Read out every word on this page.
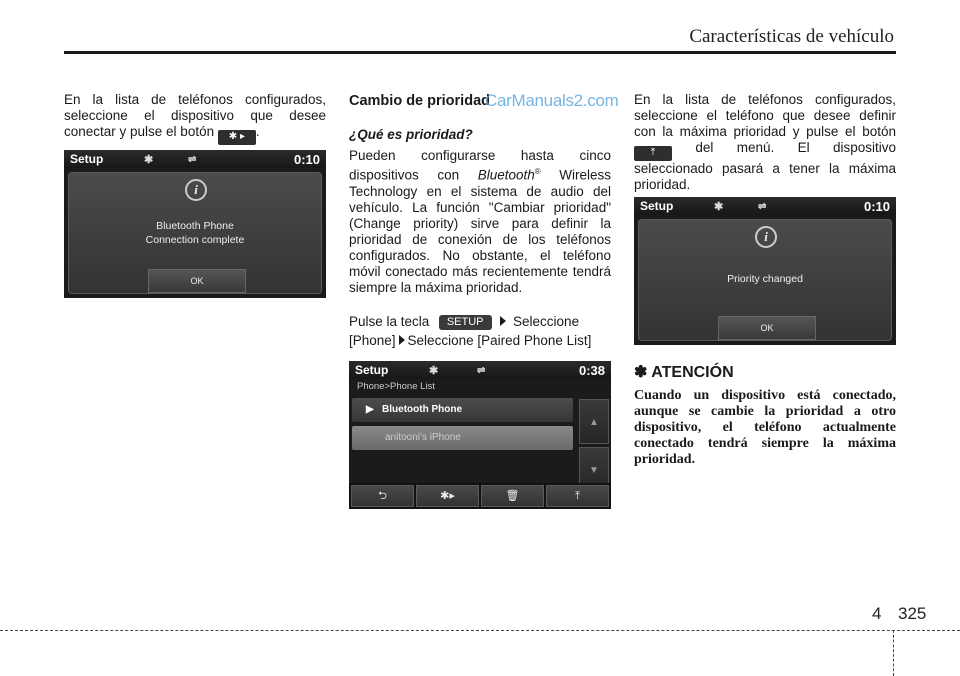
Características de vehículo

En la lista de teléfonos configurados, seleccione el dispositivo que desee conectar y pulse el botón ✱ ▸ .

Setup	✱	⇌	0:10
i
Bluetooth Phone
Connection complete
OK
Cambio de prioridad
¿Qué es prioridad?

Pueden configurarse hasta cinco dispositivos con Bluetooth® Wireless Technology en el sistema de audio del vehículo. La función "Cambiar prioridad" (Change priority) sirve para definir la prioridad de conexión de los teléfonos configurados. No obstante, el teléfono móvil conectado más recientemente tendrá siempre la máxima prioridad.

Pulse la tecla SETUP Seleccione [Phone] Seleccione [Paired Phone List]

CarManuals2.com
Setup	✱	⇌	0:38
Phone>Phone List
▶   Bluetooth Phone
anitooni's iPhone
▲
▼
⮌	✱▸	🗑	⤒

En la lista de teléfonos configurados, seleccione el teléfono que desee definir con la máxima prioridad y pulse el botón ⤒	del menú. El dispositivo seleccionado pasará a tener la máxima prioridad.

Setup	✱	⇌	0:10
i
Priority changed
OK
✽ ATENCIÓN
Cuando un dispositivo está conectado, aunque se cambie la prioridad a otro dispositivo, el teléfono actualmente conectado tendrá siempre la máxima prioridad.
4 325
